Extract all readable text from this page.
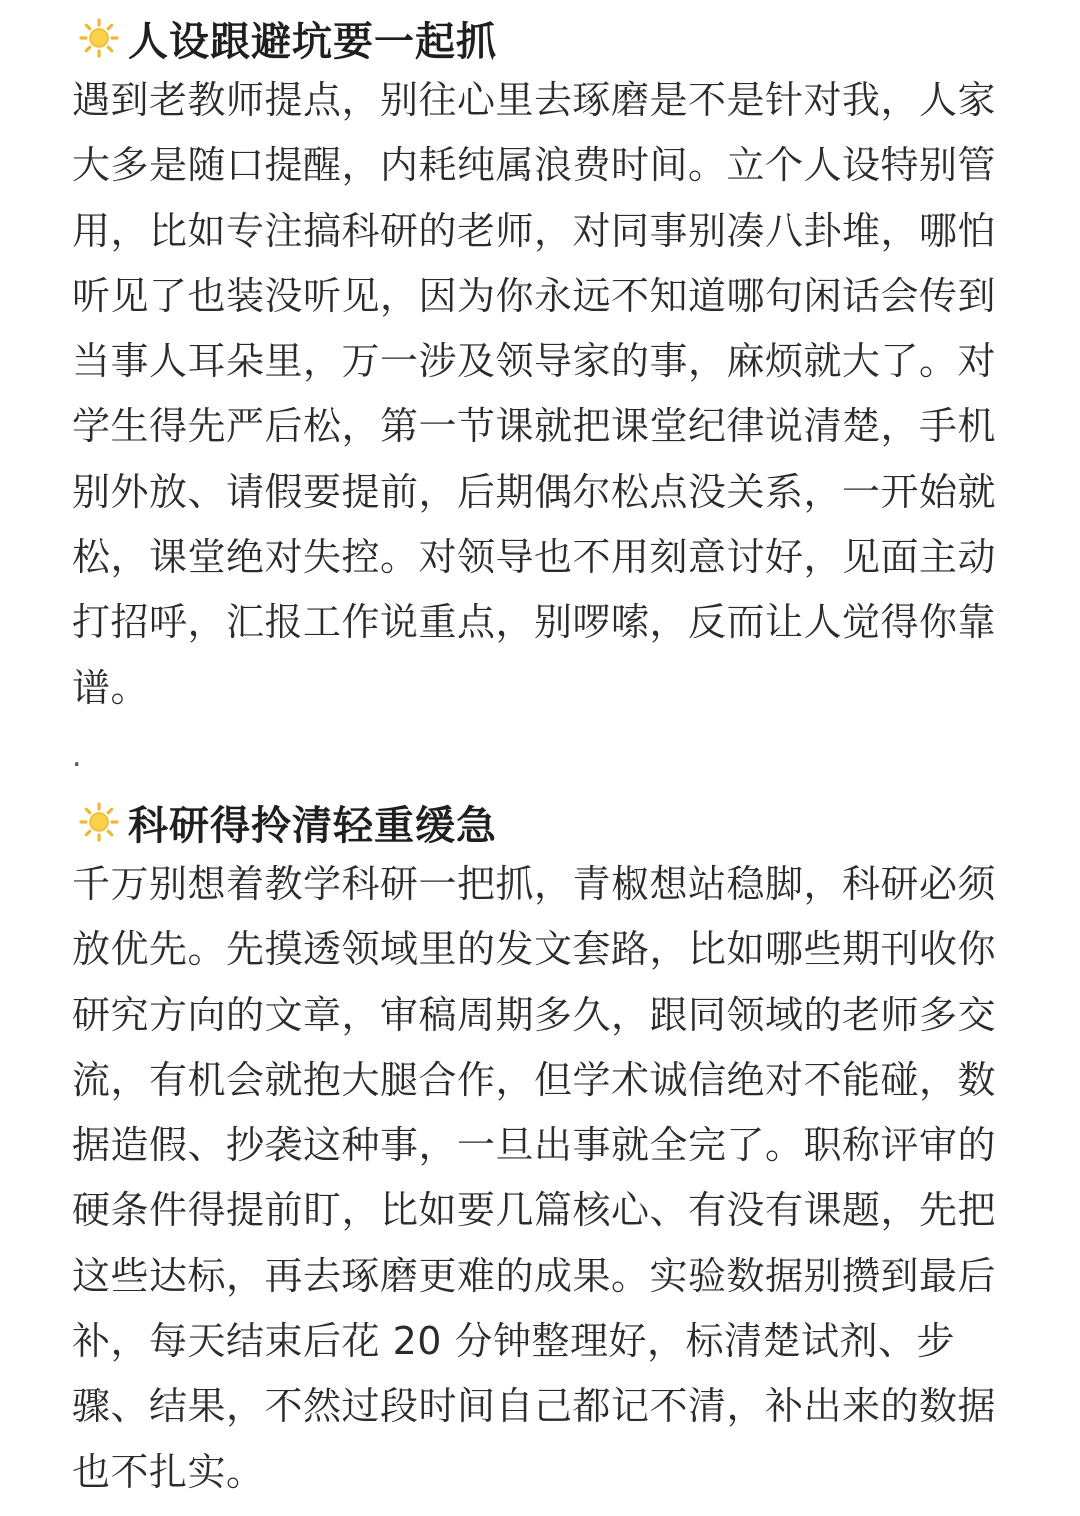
人设跟避坑要一起抓
遇到老教师提点，别往心里去琢磨是不是针对我，人家大多是随口提醒，内耗纯属浪费时间。立个人设特别管用，比如专注搞科研的老师，对同事别凑八卦堆，哪怕听见了也装没听见，因为你永远不知道哪句闲话会传到当事人耳朵里，万一涉及领导家的事，麻烦就大了。对学生得先严后松，第一节课就把课堂纪律说清楚，手机别外放、请假要提前，后期偶尔松点没关系，一开始就松，课堂绝对失控。对领导也不用刻意讨好，见面主动打招呼，汇报工作说重点，别啰嗦，反而让人觉得你靠谱。
.
科研得拎清轻重缓急
千万别想着教学科研一把抓，青椒想站稳脚，科研必须放优先。先摸透领域里的发文套路，比如哪些期刊收你研究方向的文章，审稿周期多久，跟同领域的老师多交流，有机会就抱大腿合作，但学术诚信绝对不能碰，数据造假、抄袭这种事，一旦出事就全完了。职称评审的硬条件得提前盯，比如要几篇核心、有没有课题，先把这些达标，再去琢磨更难的成果。实验数据别攒到最后补，每天结束后花 20 分钟整理好，标清楚试剂、步骤、结果，不然过段时间自己都记不清，补出来的数据也不扎实。
